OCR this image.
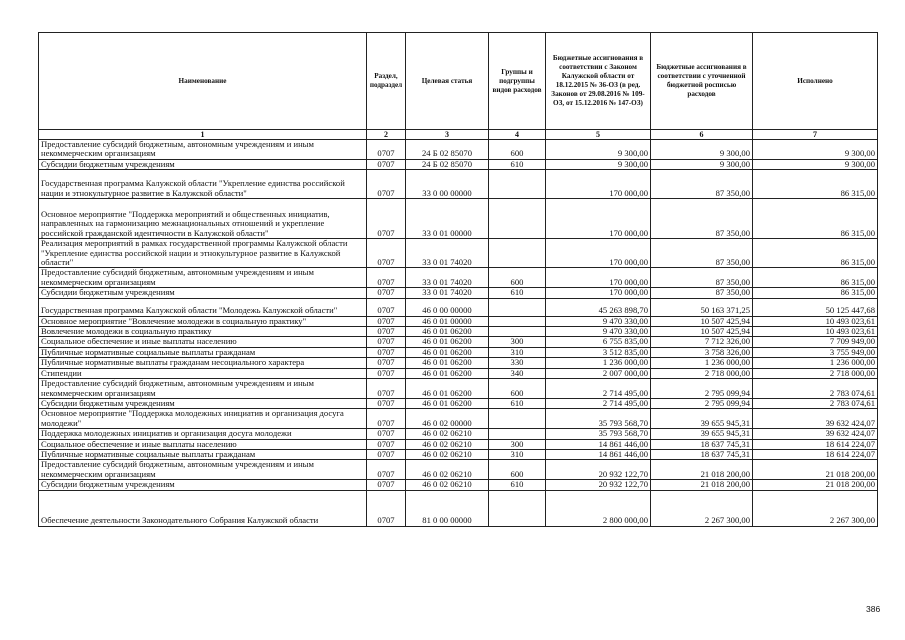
Наименование	Раздел, подраздел	Целевая статья	Группы и подгруппы видов расходов	Бюджетные ассигнования в соответствии с Законом Калужской области от 18.12.2015 № 36-ОЗ (в ред. Законов от 29.08.2016 № 109-ОЗ, от 15.12.2016 № 147-ОЗ)	Бюджетные ассигнования в соответствии с уточненной бюджетной росписью расходов	Исполнено
1	2	3	4	5	6	7
Предоставление субсидий бюджетным, автономным учреждениям и иным некоммерческим организациям	0707	24 Б 02 85070	600	9 300,00	9 300,00	9 300,00
Субсидии бюджетным учреждениям	0707	24 Б 02 85070	610	9 300,00	9 300,00	9 300,00
Государственная программа Калужской области "Укрепление единства российской нации и этнокультурное развитие в Калужской области"	0707	33 0 00 00000		170 000,00	87 350,00	86 315,00
Основное мероприятие "Поддержка мероприятий и общественных инициатив, направленных на гармонизацию межнациональных отношений и укрепление российской гражданской идентичности в Калужской области"	0707	33 0 01 00000		170 000,00	87 350,00	86 315,00
Реализация мероприятий в рамках государственной программы Калужской области "Укрепление единства российской нации и этнокультурное развитие в Калужской области"	0707	33 0 01 74020		170 000,00	87 350,00	86 315,00
Предоставление субсидий бюджетным, автономным учреждениям и иным некоммерческим организациям	0707	33 0 01 74020	600	170 000,00	87 350,00	86 315,00
Субсидии бюджетным учреждениям	0707	33 0 01 74020	610	170 000,00	87 350,00	86 315,00
Государственная программа Калужской области "Молодежь Калужской области"	0707	46 0 00 00000		45 263 898,70	50 163 371,25	50 125 447,68
Основное мероприятие "Вовлечение молодежи в социальную практику"	0707	46 0 01 00000		9 470 330,00	10 507 425,94	10 493 023,61
Вовлечение молодежи в социальную практику	0707	46 0 01 06200		9 470 330,00	10 507 425,94	10 493 023,61
Социальное обеспечение и иные выплаты населению	0707	46 0 01 06200	300	6 755 835,00	7 712 326,00	7 709 949,00
Публичные нормативные социальные выплаты гражданам	0707	46 0 01 06200	310	3 512 835,00	3 758 326,00	3 755 949,00
Публичные нормативные выплаты гражданам несоциального характера	0707	46 0 01 06200	330	1 236 000,00	1 236 000,00	1 236 000,00
Стипендии	0707	46 0 01 06200	340	2 007 000,00	2 718 000,00	2 718 000,00
Предоставление субсидий бюджетным, автономным учреждениям и иным некоммерческим организациям	0707	46 0 01 06200	600	2 714 495,00	2 795 099,94	2 783 074,61
Субсидии бюджетным учреждениям	0707	46 0 01 06200	610	2 714 495,00	2 795 099,94	2 783 074,61
Основное мероприятие "Поддержка молодежных инициатив и организация досуга молодежи"	0707	46 0 02 00000		35 793 568,70	39 655 945,31	39 632 424,07
Поддержка молодежных инициатив и организация досуга молодежи	0707	46 0 02 06210		35 793 568,70	39 655 945,31	39 632 424,07
Социальное обеспечение и иные выплаты населению	0707	46 0 02 06210	300	14 861 446,00	18 637 745,31	18 614 224,07
Публичные нормативные социальные выплаты гражданам	0707	46 0 02 06210	310	14 861 446,00	18 637 745,31	18 614 224,07
Предоставление субсидий бюджетным, автономным учреждениям и иным некоммерческим организациям	0707	46 0 02 06210	600	20 932 122,70	21 018 200,00	21 018 200,00
Субсидии бюджетным учреждениям	0707	46 0 02 06210	610	20 932 122,70	21 018 200,00	21 018 200,00
Обеспечение деятельности Законодательного Собрания Калужской области	0707	81 0 00 00000		2 800 000,00	2 267 300,00	2 267 300,00
386
